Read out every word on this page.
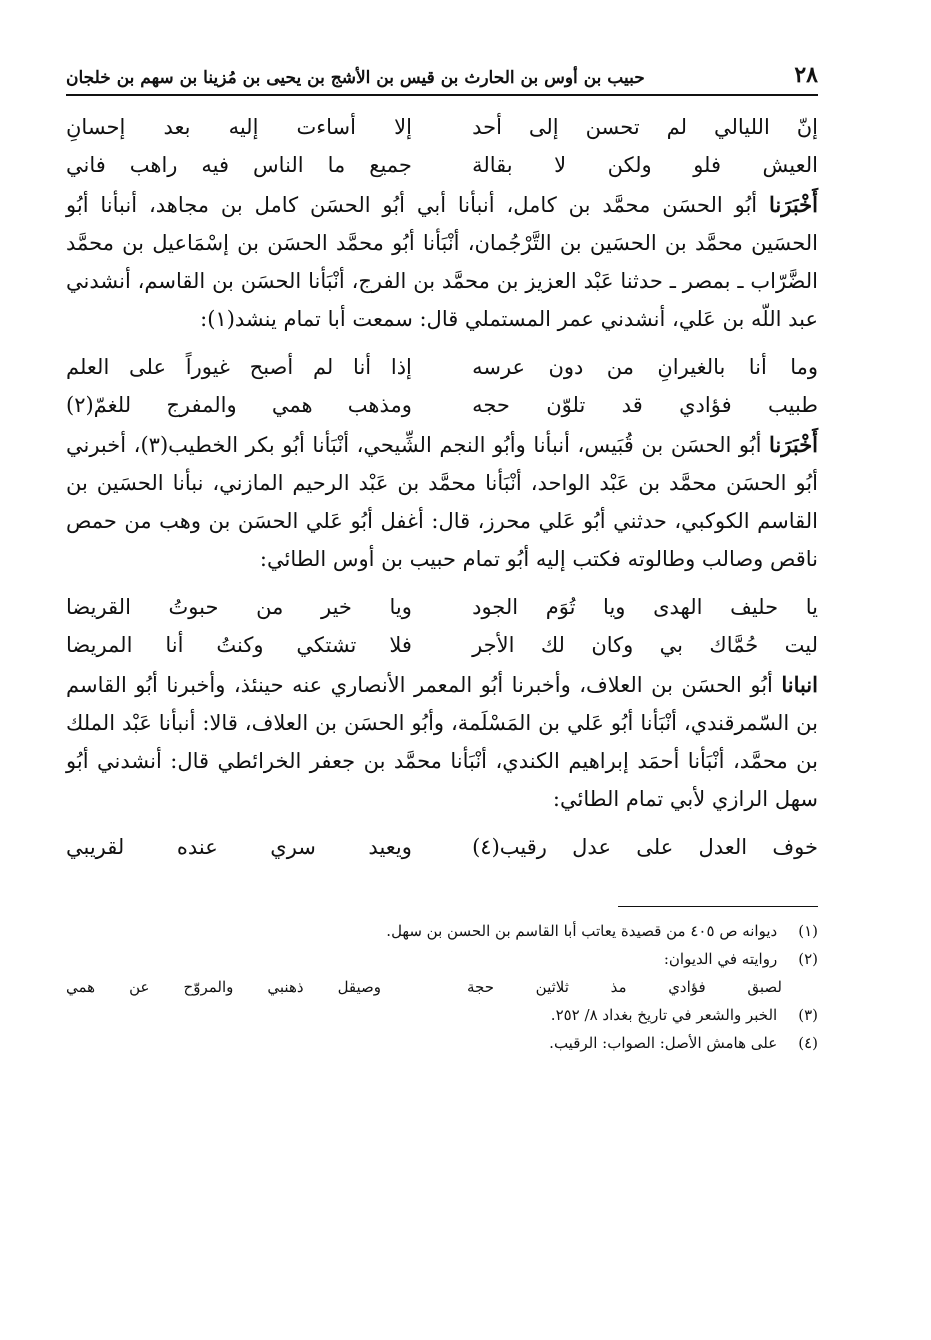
٢٨
حبيب بن أوس بن الحارث بن قيس بن الأشج بن يحيى بن مُزينا بن سهم بن خلجان
إنّ الليالي لم تحسن إلى أحد
إلا أساءت إليه بعد إحسانِ
العيش فلو ولكن لا بقالة
جميع ما الناس فيه راهب فاني

أَخْبَرَنا أبُو الحسَن محمَّد بن كامل، أنبأنا أبي أبُو الحسَن كامل بن مجاهد، أنبأنا أبُو الحسَين محمَّد بن الحسَين بن التَّرْجُمان، أنْبَأنا أبُو محمَّد الحسَن بن إسْمَاعيل بن محمَّد الضَّرّاب ـ بمصر ـ حدثنا عَبْد العزيز بن محمَّد بن الفرج، أنْبَأنا الحسَن بن القاسم، أنشدني عبد اللّه بن عَلي، أنشدني عمر المستملي قال: سمعت أبا تمام ينشد(١):

وما أنا بالغيرانِ من دون عرسه
إذا أنا لم أصبح غيوراً على العلم
طبيب فؤادي قد تلوّن حجه
ومذهب همي والمفرج للغمّ(٢)

أَخْبَرَنا أبُو الحسَن بن قُبَيس، أنبأنا وأبُو النجم الشِّيحي، أنْبَأنا أبُو بكر الخطيب(٣)، أخبرني أبُو الحسَن محمَّد بن عَبْد الواحد، أنْبَأنا محمَّد بن عَبْد الرحيم المازني، نبأنا الحسَين بن القاسم الكوكبي، حدثني أبُو عَلي محرز، قال: أغفل أبُو عَلي الحسَن بن وهب من حمص ناقص وصالب وطالوته فكتب إليه أبُو تمام حبيب بن أوس الطائي:

يا حليف الهدى ويا تُوَم الجود
ويا خير من حبوتُ القريضا
ليت حُمَّاك بي وكان لك الأجر
فلا تشتكي وكنتُ أنا المريضا

انبانا أبُو الحسَن بن العلاف، وأخبرنا أبُو المعمر الأنصاري عنه حينئذ، وأخبرنا أبُو القاسم بن السّمرقندي، أنْبَأنا أبُو عَلي بن المَسْلَمة، وأبُو الحسَن بن العلاف، قالا: أنبأنا عَبْد الملك بن محمَّد، أنْبَأنا أحمَد إبراهيم الكندي، أنْبَأنا محمَّد بن جعفر الخرائطي قال: أنشدني أبُو سهل الرازي لأبي تمام الطائي:

خوف العدل على عدل رقيب(٤)
ويعيد سري عنده لقريبي
(١) ديوانه ص ٤٠٥ من قصيدة يعاتب أبا القاسم بن الحسن بن سهل.
(٢) روايته في الديوان:
لصبق فؤادي مذ ثلاثين حجة
وصيقل ذهنبي والمروّح عن همي
(٣) الخبر والشعر في تاريخ بغداد ٨/ ٢٥٢.
(٤) على هامش الأصل: الصواب: الرقيب.
